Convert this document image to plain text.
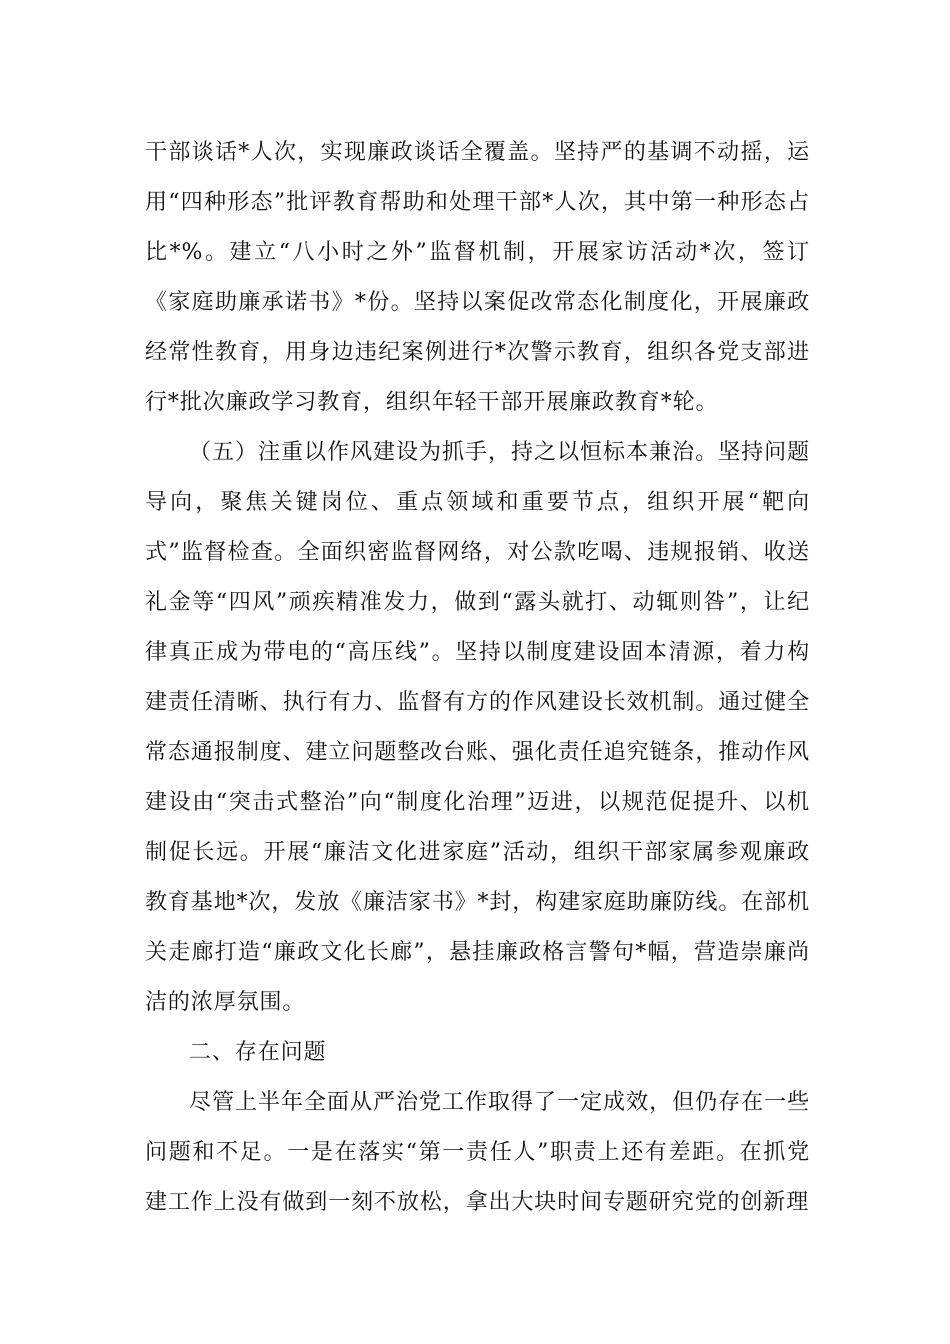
干部谈话*人次，实现廉政谈话全覆盖。坚持严的基调不动摇，运用“四种形态”批评教育帮助和处理干部*人次，其中第一种形态占比*%。建立“八小时之外”监督机制，开展家访活动*次，签订《家庭助廉承诺书》*份。坚持以案促改常态化制度化，开展廉政经常性教育，用身边违纪案例进行*次警示教育，组织各党支部进行*批次廉政学习教育，组织年轻干部开展廉政教育*轮。

（五）注重以作风建设为抓手，持之以恒标本兼治。坚持问题导向，聚焦关键岗位、重点领域和重要节点，组织开展“靶向式”监督检查。全面织密监督网络，对公款吃喝、违规报销、收送礼金等“四风”顽疾精准发力，做到“露头就打、动辄则咎”，让纪律真正成为带电的“高压线”。坚持以制度建设固本清源，着力构建责任清晰、执行有力、监督有方的作风建设长效机制。通过健全常态通报制度、建立问题整改台账、强化责任追究链条，推动作风建设由“突击式整治”向“制度化治理”迈进，以规范促提升、以机制促长远。开展“廉洁文化进家庭”活动，组织干部家属参观廉政教育基地*次，发放《廉洁家书》*封，构建家庭助廉防线。在部机关走廊打造“廉政文化长廊”，悬挂廉政格言警句*幅，营造崇廉尚洁的浓厚氛围。

二、存在问题

尽管上半年全面从严治党工作取得了一定成效，但仍存在一些问题和不足。一是在落实“第一责任人”职责上还有差距。在抓党建工作上没有做到一刻不放松，拿出大块时间专题研究党的创新理
